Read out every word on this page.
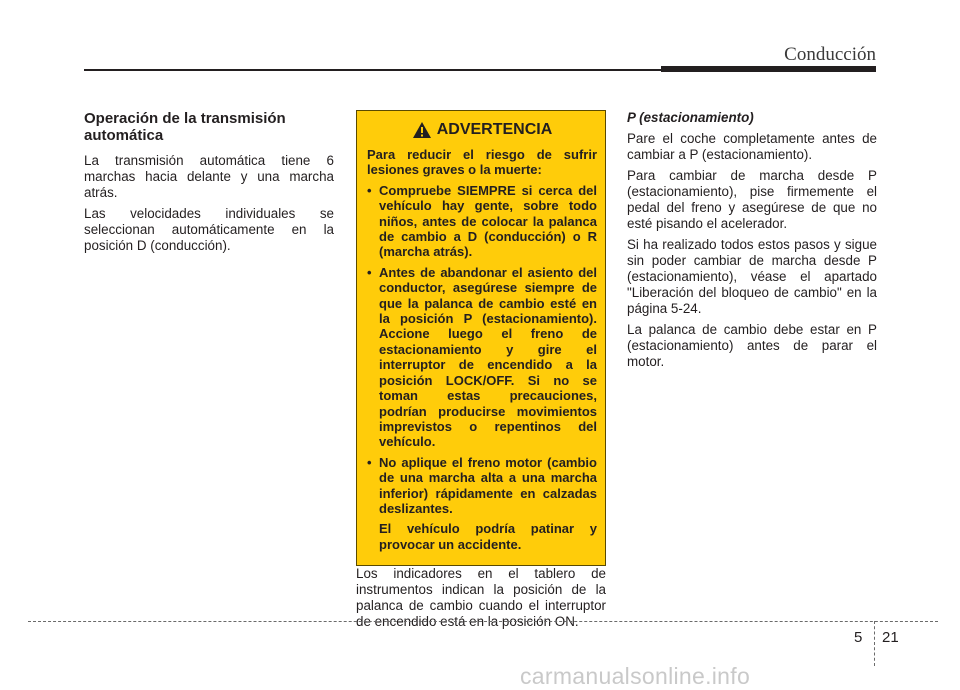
Conducción
Operación de la transmisión automática

La transmisión automática tiene 6 marchas hacia delante y una marcha atrás.

Las velocidades individuales se seleccionan automáticamente en la posición D (conducción).

ADVERTENCIA

Para reducir el riesgo de sufrir lesiones graves o la muerte:

• Compruebe SIEMPRE si cerca del vehículo hay gente, sobre todo niños, antes de colocar la palanca de cambio a D (conducción) o R (marcha atrás).
• Antes de abandonar el asiento del conductor, asegúrese siempre de que la palanca de cambio esté en la posición P (estacionamiento). Accione luego el freno de estacionamiento y gire el interruptor de encendido a la posición LOCK/OFF. Si no se toman estas precauciones, podrían producirse movimientos imprevistos o repentinos del vehículo.
• No aplique el freno motor (cambio de una marcha alta a una marcha inferior) rápidamente en calzadas deslizantes.

El vehículo podría patinar y provocar un accidente.

Los indicadores en el tablero de instrumentos indican la posición de la palanca de cambio cuando el interruptor de encendido está en la posición ON.

P (estacionamiento)

Pare el coche completamente antes de cambiar a P (estacionamiento).

Para cambiar de marcha desde P (estacionamiento), pise firmemente el pedal del freno y asegúrese de que no esté pisando el acelerador.

Si ha realizado todos estos pasos y sigue sin poder cambiar de marcha desde P (estacionamiento), véase el apartado "Liberación del bloqueo de cambio" en la página 5-24.

La palanca de cambio debe estar en P (estacionamiento) antes de parar el motor.

5 21
carmanualsonline.info
